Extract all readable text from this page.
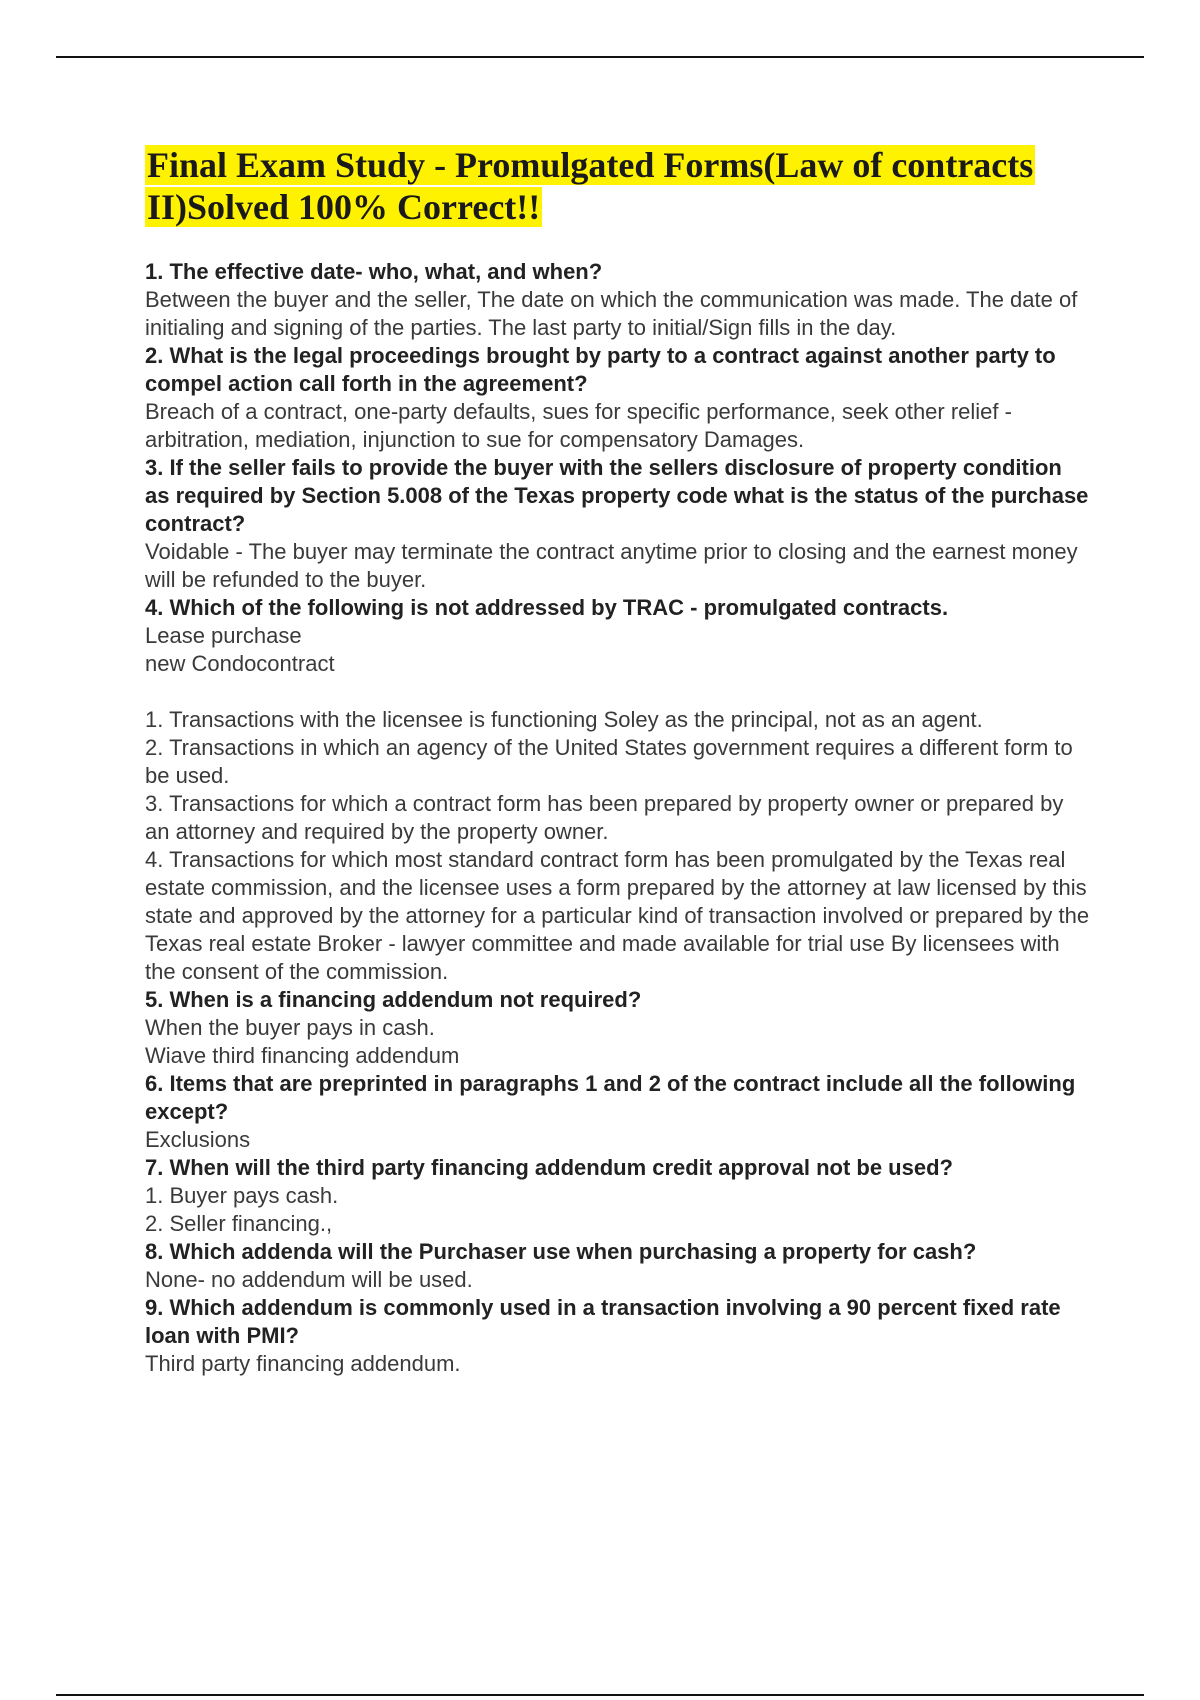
Final Exam Study - Promulgated Forms(Law of contracts
II)Solved 100% Correct!!

1. The effective date- who, what, and when?

Between the buyer and the seller, The date on which the communication was made. The date of initialing and signing of the parties. The last party to initial/Sign fills in the day.

2. What is the legal proceedings brought by party to a contract against another party to compel action call forth in the agreement?

Breach of a contract, one-party defaults, sues for specific performance, seek other relief - arbitration, mediation, injunction to sue for compensatory Damages.

3. If the seller fails to provide the buyer with the sellers disclosure of property condition as required by Section 5.008 of the Texas property code what is the status of the purchase contract?

Voidable - The buyer may terminate the contract anytime prior to closing and the earnest money will be refunded to the buyer.

4. Which of the following is not addressed by TRAC - promulgated contracts.

Lease purchase

new Condocontract

1. Transactions with the licensee is functioning Soley as the principal, not as an agent.

2. Transactions in which an agency of the United States government requires a different form to be used.

3. Transactions for which a contract form has been prepared by property owner or prepared by an attorney and required by the property owner.

4. Transactions for which most standard contract form has been promulgated by the Texas real estate commission, and the licensee uses a form prepared by the attorney at law licensed by this state and approved by the attorney for a particular kind of transaction involved or prepared by the Texas real estate Broker - lawyer committee and made available for trial use By licensees with the consent of the commission.

5. When is a financing addendum not required?

When the buyer pays in cash.

Wiave third financing addendum

6. Items that are preprinted in paragraphs 1 and 2 of the contract include all the following except?

Exclusions

7. When will the third party financing addendum credit approval not be used?

1. Buyer pays cash.

2. Seller financing.,

8. Which addenda will the Purchaser use when purchasing a property for cash?

None- no addendum will be used.

9. Which addendum is commonly used in a transaction involving a 90 percent fixed rate loan with PMI?

Third party financing addendum.
